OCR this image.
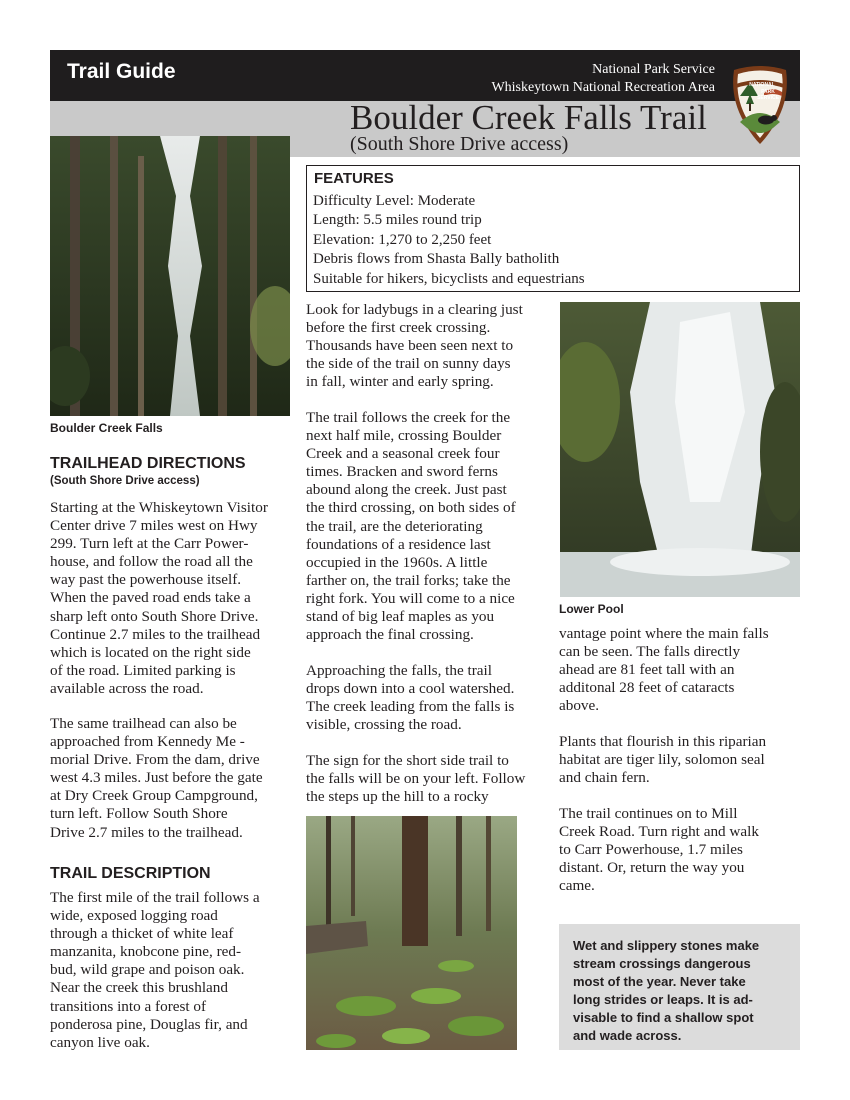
Trail Guide	National Park Service
Whiskeytown National Recreation Area
Boulder Creek Falls Trail
(South Shore Drive access)
NATIONAL
PARK
SERVICE
Boulder Creek Falls
TRAILHEAD DIRECTIONS
(South Shore Drive access)
Starting at the Whiskeytown Visitor
Center drive 7 miles west on Hwy
299. Turn left at the Carr Power-
house, and follow the road all the
way past the powerhouse itself.
When the paved road ends take a
sharp left onto South Shore Drive.
Continue 2.7 miles to the trailhead
which is located on the right side
of the road. Limited parking is
available across the road.
The same trailhead can also be
approached from Kennedy Me -
morial Drive. From the dam, drive
west 4.3 miles. Just before the gate
at Dry Creek Group Campground,
turn left. Follow South Shore
Drive 2.7 miles to the trailhead.
TRAIL DESCRIPTION
The first mile of the trail follows a
wide, exposed logging road
through a thicket of white leaf
manzanita, knobcone pine, red-
bud, wild grape and poison oak.
Near the creek this brushland
transitions into a forest of
ponderosa pine, Douglas fir, and
canyon live oak.
FEATURES
Difficulty Level: Moderate
Length: 5.5 miles round trip
Elevation: 1,270 to 2,250 feet
Debris flows from Shasta Bally batholith
Suitable for hikers, bicyclists and equestrians
Look for ladybugs in a clearing just
before the first creek crossing.
Thousands have been seen next to
the side of the trail on sunny days
in fall, winter and early spring.
The trail follows the creek for the
next half mile, crossing Boulder
Creek and a seasonal creek four
times. Bracken and sword ferns
abound along the creek. Just past
the third crossing, on both sides of
the trail, are the deteriorating
foundations of a residence last
occupied in the 1960s. A little
farther on, the trail forks; take the
right fork. You will come to a nice
stand of big leaf maples as you
approach the final crossing.
Approaching the falls, the trail
drops down into a cool watershed.
The creek leading from the falls is
visible, crossing the road.
The sign for the short side trail to
the falls will be on your left. Follow
the steps up the hill to a rocky
Lower Pool
vantage point where the main falls
can be seen. The falls directly
ahead are 81 feet tall with an
additonal 28 feet of cataracts
above.
Plants that flourish in this riparian
habitat are tiger lily, solomon seal
and chain fern.
The trail continues on to Mill
Creek Road. Turn right and walk
to Carr Powerhouse, 1.7 miles
distant. Or, return the way you
came.
Wet and slippery stones make
stream crossings dangerous
most of the year. Never take
long strides or leaps. It is ad-
visable to find a shallow spot
and wade across.
